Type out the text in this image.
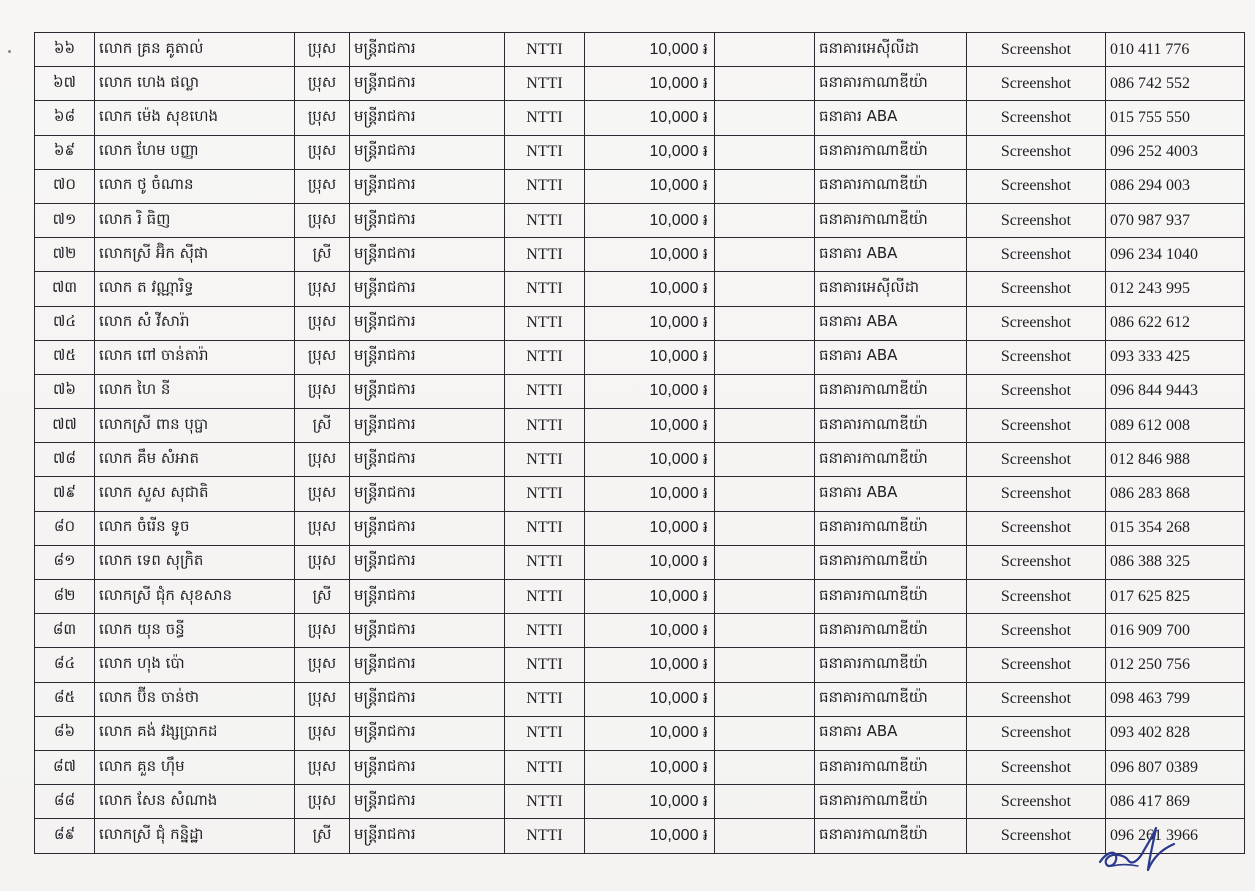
៦៦	លោក គ្រន គូតាល់	ប្រុស	មន្ត្រីរាជការ	NTTI	10,000 ៛		ធនាគារអេស៊ីលីដា	Screenshot	010 411 776
៦៧	លោក ហេង ផល្លា	ប្រុស	មន្ត្រីរាជការ	NTTI	10,000 ៛		ធនាគារកាណាឌីយ៉ា	Screenshot	086 742 552
៦៨	លោក ម៉េង សុខហេង	ប្រុស	មន្ត្រីរាជការ	NTTI	10,000 ៛		ធនាគារ ABA	Screenshot	015 755 550
៦៩	លោក ហែម បញ្ញា	ប្រុស	មន្ត្រីរាជការ	NTTI	10,000 ៛		ធនាគារកាណាឌីយ៉ា	Screenshot	096 252 4003
៧០	លោក ថូ ចំណាន	ប្រុស	មន្ត្រីរាជការ	NTTI	10,000 ៛		ធនាគារកាណាឌីយ៉ា	Screenshot	086 294 003
៧១	លោក រិ ធិញ	ប្រុស	មន្ត្រីរាជការ	NTTI	10,000 ៛		ធនាគារកាណាឌីយ៉ា	Screenshot	070 987 937
៧២	លោកស្រី អ៊ិក ស៊ីផា	ស្រី	មន្ត្រីរាជការ	NTTI	10,000 ៛		ធនាគារ ABA	Screenshot	096 234 1040
៧៣	លោក ត វណ្ណារិទ្ធ	ប្រុស	មន្ត្រីរាជការ	NTTI	10,000 ៛		ធនាគារអេស៊ីលីដា	Screenshot	012 243 995
៧៤	លោក សំ វីសារ៉ា	ប្រុស	មន្ត្រីរាជការ	NTTI	10,000 ៛		ធនាគារ ABA	Screenshot	086 622 612
៧៥	លោក ពៅ ចាន់តារ៉ា	ប្រុស	មន្ត្រីរាជការ	NTTI	10,000 ៛		ធនាគារ ABA	Screenshot	093 333 425
៧៦	លោក ហៃ នី	ប្រុស	មន្ត្រីរាជការ	NTTI	10,000 ៛		ធនាគារកាណាឌីយ៉ា	Screenshot	096 844 9443
៧៧	លោកស្រី ពាន បុប្ផា	ស្រី	មន្ត្រីរាជការ	NTTI	10,000 ៛		ធនាគារកាណាឌីយ៉ា	Screenshot	089 612 008
៧៨	លោក គឹម សំអាត	ប្រុស	មន្ត្រីរាជការ	NTTI	10,000 ៛		ធនាគារកាណាឌីយ៉ា	Screenshot	012 846 988
៧៩	លោក សួស សុជាតិ	ប្រុស	មន្ត្រីរាជការ	NTTI	10,000 ៛		ធនាគារ ABA	Screenshot	086 283 868
៨០	លោក ចំរើន ទូច	ប្រុស	មន្ត្រីរាជការ	NTTI	10,000 ៛		ធនាគារកាណាឌីយ៉ា	Screenshot	015 354 268
៨១	លោក ទេព សុក្រិត	ប្រុស	មន្ត្រីរាជការ	NTTI	10,000 ៛		ធនាគារកាណាឌីយ៉ា	Screenshot	086 388 325
៨២	លោកស្រី ជុំក សុខសាន	ស្រី	មន្ត្រីរាជការ	NTTI	10,000 ៛		ធនាគារកាណាឌីយ៉ា	Screenshot	017 625 825
៨៣	លោក យុន ចន្ធី	ប្រុស	មន្ត្រីរាជការ	NTTI	10,000 ៛		ធនាគារកាណាឌីយ៉ា	Screenshot	016 909 700
៨៤	លោក ហុង ប៉ោ	ប្រុស	មន្ត្រីរាជការ	NTTI	10,000 ៛		ធនាគារកាណាឌីយ៉ា	Screenshot	012 250 756
៨៥	លោក ប៊ីន ចាន់ថា	ប្រុស	មន្ត្រីរាជការ	NTTI	10,000 ៛		ធនាគារកាណាឌីយ៉ា	Screenshot	098 463 799
៨៦	លោក គង់ វង្សប្រាកដ	ប្រុស	មន្ត្រីរាជការ	NTTI	10,000 ៛		ធនាគារ ABA	Screenshot	093 402 828
៨៧	លោក គួន ហ៊ឹម	ប្រុស	មន្ត្រីរាជការ	NTTI	10,000 ៛		ធនាគារកាណាឌីយ៉ា	Screenshot	096 807 0389
៨៨	លោក សែន សំណាង	ប្រុស	មន្ត្រីរាជការ	NTTI	10,000 ៛		ធនាគារកាណាឌីយ៉ា	Screenshot	086 417 869
៨៩	លោកស្រី ជុំ កន្និដ្ឋា	ស្រី	មន្ត្រីរាជការ	NTTI	10,000 ៛		ធនាគារកាណាឌីយ៉ា	Screenshot	096 261 3966
